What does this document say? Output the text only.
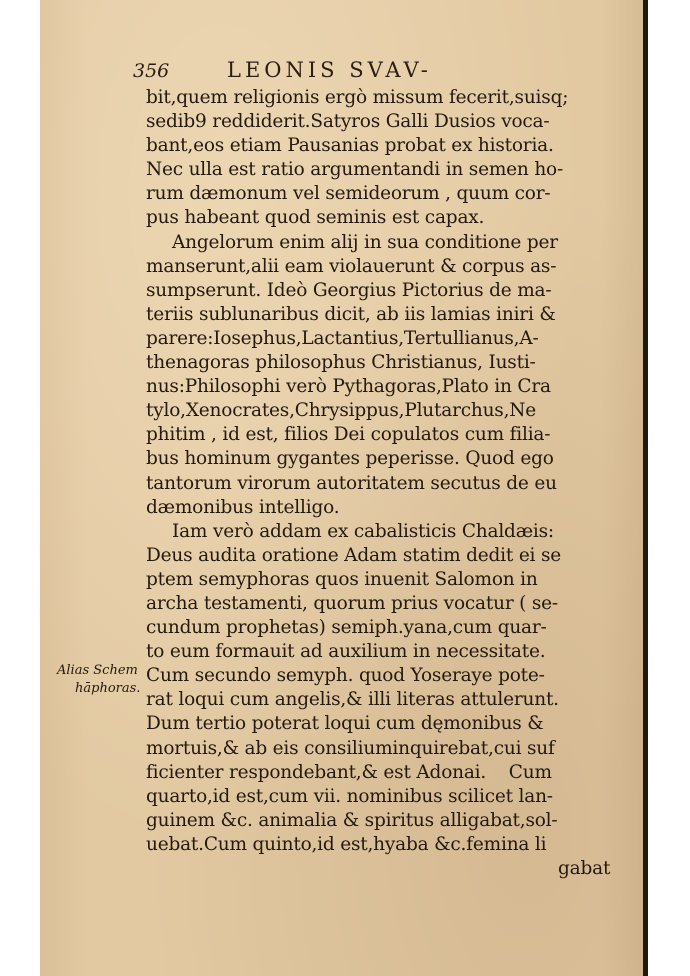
356	LEONIS SVAV-
Alias Schem
hāphoras.
bit,quem religionis ergò missum fecerit,suisq;
sedib9 reddiderit.Satyros Galli Dusios voca-
bant,eos etiam Pausanias probat ex historia.
Nec ulla est ratio argumentandi in semen ho-
rum dæmonum vel semideorum , quum cor-
pus habeant quod seminis est capax.
Angelorum enim alij in sua conditione per
manserunt,alii eam violauerunt & corpus as-
sumpserunt. Ideò Georgius Pictorius de ma-
teriis sublunaribus dicit, ab iis lamias iniri &
parere:Iosephus,Lactantius,Tertullianus,A-
thenagoras philosophus Christianus, Iusti-
nus:Philosophi verò Pythagoras,Plato in Cra
tylo,Xenocrates,Chrysippus,Plutarchus,Ne
phitim , id est, filios Dei copulatos cum filia-
bus hominum gygantes peperisse. Quod ego
tantorum virorum autoritatem secutus de eu
dæmonibus intelligo.
Iam verò addam ex cabalisticis Chaldæis:
Deus audita oratione Adam statim dedit ei se
ptem semyphoras quos inuenit Salomon in
archa testamenti, quorum prius vocatur ( se-
cundum prophetas) semiph.yana,cum quar-
to eum formauit ad auxilium in necessitate.
Cum secundo semyph. quod Yoseraye pote-
rat loqui cum angelis,& illi literas attulerunt.
Dum tertio poterat loqui cum dęmonibus &
mortuis,& ab eis consiliuminquirebat,cui suf
ficienter respondebant,& est Adonai.    Cum
quarto,id est,cum vii. nominibus scilicet lan-
guinem &c. animalia & spiritus alligabat,sol-
uebat.Cum quinto,id est,hyaba &c.femina li
gabat
